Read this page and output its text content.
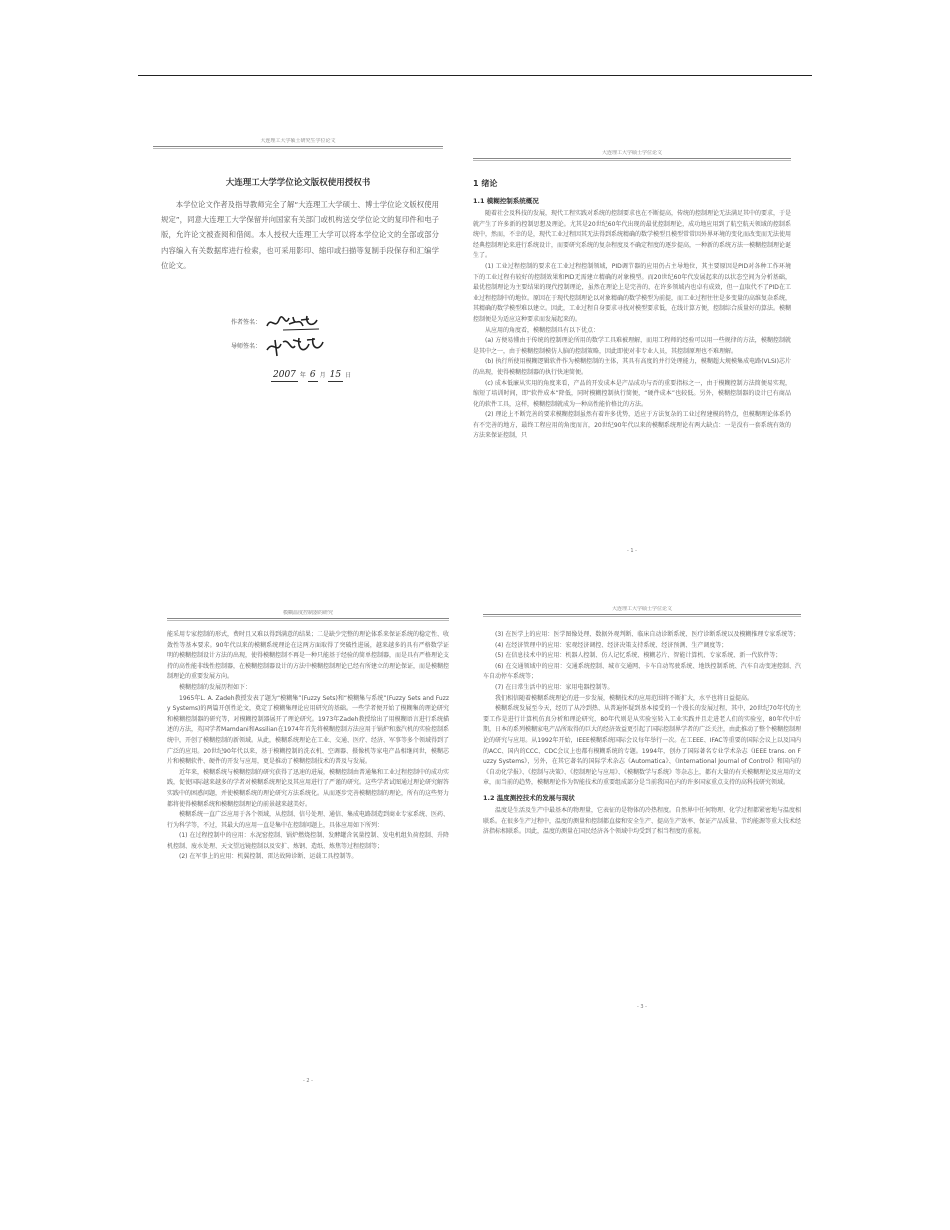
大连理工大学硕士研究生学位论文
大连理工大学学位论文版权使用授权书

本学位论文作者及指导教师完全了解“大连理工大学硕士、博士学位论文版权使用规定”，同意大连理工大学保留并向国家有关部门或机构送交学位论文的复印件和电子版，允许论文被查阅和借阅。本人授权大连理工大学可以将本学位论文的全部或部分内容编入有关数据库进行检索，也可采用影印、缩印或扫描等复制手段保存和汇编学位论文。

作者签名：
导师签名：
2007 年 6 月 15 日
大连理工大学硕士学位论文
1 绪论
1.1 模糊控制系统概况

随着社会及科技的发展，现代工程实践对系统的控制要求也在不断提高，传统的控制理论无法满足其中的要求，于是就产生了许多新的控制思想及理论。尤其是20世纪60年代出现的最优控制理论，成功地应用到了航空航天领域的控制系统中，然而，不幸的是，现代工业过程因其无法得到系统精确的数学模型且模型常常因外界环境的变化而改变而无法使用经典控制理论来进行系统设计，而要研究系统的复杂程度及不确定程度的逐步提高，一种新的系统方法一模糊控制理论诞生了。

(1) 工业过程控制的要求在工业过程控制领域，PID调节器的应用仍占主导地位，其主要原因是PID对各种工作环境下的工业过程有较好的控制效果和PID无需建立精确的对象模型。而20世纪60年代发展起来的以状态空间为分析基础，最优控制理论为主要结果的现代控制理论，虽然在理论上是完善的，在许多领域内也卓有成效，但一直取代不了PID在工业过程控制中的地位。原因在于现代控制理论以对象精确的数学模型为前提，而工业过程往往是多变量的高维复杂系统，其精确的数学模型难以建立。因此，工业过程自身要求寻找对模型要求低，在线计算方便，控制综合质量好的算法。模糊控制便是为适应这种要求而发展起来的。

从应用的角度看，模糊控制具有以下优点：

(a) 方便易懂由于传统的控制理论所用的数学工具难被理解，而用工程师的经验可以用一些规律的方法，模糊控制就是其中之一，由于模糊控制模仿人脑的控制策略，因此即使对非专业人员，其控制原理也不难理解。

(b) 执行所使用模糊逻辑软件作为模糊控制的主体，其具有高度的并行处理能力，模糊超大规模集成电路(VLSI)芯片的出现，使得模糊控制器的执行快速简便。

(c) 成本低廉从实用的角度来看，产品的开发成本是产品成功与否的重要指标之一，由于模糊控制方法简便易实现，缩短了培训时间，即“软件成本”降低，同时模糊控制执行简便，“硬件成本”也较低。另外，模糊控制器的设计已有商品化的软件工具，这样，模糊控制就成为一种高性能价格比的方法。

(2) 理论上不断完善的要求模糊控制虽然有着许多优势，适应于方法复杂的工业过程建模的特点，但模糊理论体系仍有不完善的地方，最终工程应用的角度而言，20世纪90年代以来的模糊系统理论有两大缺点：一是没有一套系统有效的方法来保证控制，只

- 1 -
模糊温度控制器的研究

能采用专家控制的形式，费时且又难以得到满意的结果；二是缺少完整的理论体系来保证系统的稳定性、收敛性等基本要求。90年代以来的模糊系统理论在这两方面取得了突破性进展，越来越多的具有严格数学证明的模糊控制设计方法的出现，使得模糊控制不再是一种只能基于经验的简单控制器，而是具有严格理论支持的高性能非线性控制器，在模糊控制器设计的方法中模糊控制理论已经有所建立的理论保证，而是模糊控制理论的重要发展方向。

模糊控制的发展历程如下：

1965年L. A. Zadeh教授发表了题为“模糊集”(Fuzzy Sets)和“模糊集与系统”(Fuzzy Sets and Fuzzy Systems)的两篇开创性论文，奠定了模糊集理论应用研究的基础。一些学者便开始了模糊集的理论研究和模糊控制器的研究等，对模糊控制器展开了理论研究。1973年Zadeh教授给出了用模糊语言进行系统描述的方法，英国学者Mamdani和Assilian在1974年首先将模糊控制方法应用于锅炉和蒸汽机的实验控制系统中，开创了模糊控制的新领域。从此，模糊系统理论在工业、交通、医疗、经济、军事等多个领域得到了广泛的应用。20世纪90年代以来，基于模糊控制的洗衣机、空调器、摄像机等家电产品相继问世，模糊芯片和模糊软件、硬件的开发与应用，更是推动了模糊控制技术的普及与发展。

近年来，模糊系统与模糊控制的研究获得了迅速的进展，模糊控制由普通集和工业过程控制中的成功实践，促使国际越来越多的学者对模糊系统理论及其应用进行了严谨的研究。这些学者试图通过理论研究解答实践中的困惑问题，并使模糊系统的理论研究方法系统化。从而逐步完善模糊控制的理论，所有的这些努力都将使得模糊系统和模糊控制理论的前景越来越美好。

模糊系统一直广泛应用于各个领域，从控制、信号处理、通信、集成电路制造到商业专家系统、医药、行为科学等，不过，其最大的应用一直是集中在控制问题上，具体应用如下所列：

(1) 在过程控制中的应用：水泥窑控制、锅炉燃烧控制、发酵罐含氧量控制、发电机组负荷控制、升降机控制、废水处理、天文望远镜控制以及安扩、炼钢、造纸、炼焦等过程控制等；

(2) 在军事上的应用：机翼控制、雷达故障诊断、运载工具控制等。

- 2 -
大连理工大学硕士学位论文

(3) 在医学上的应用：医学图像处理、数据外观判断、临床自动诊断系统、医疗诊断系统以及模糊推理专家系统等；

(4) 在经济管理中的应用：宏观经济调控、经济决策支持系统、经济预测、生产调度等；

(5) 在信息技术中的应用：机器人控制、仿人记忆系统、模糊芯片、智能计算机、专家系统、新一代软件等；

(6) 在交通领域中的应用：交通系统控制、城市交通网、卡车自动驾驶系统、地铁控制系统、汽车自动变速控制、汽车自动停车系统等；

(7) 在日常生活中的应用：家用电器控制等。

我们相信随着模糊系统理论的进一步发展，模糊技术的应用范围将不断扩大，水平也将日益提高。

模糊系统发展至今天，经历了从冷到热、从普遍怀疑到基本接受的一个漫长的发展过程，其中，20世纪70年代的主要工作是进行计算机仿真分析和理论研究，80年代则是从实验室转入工业实践并且走进老人们的实验室，80年代中后期，日本的系列模糊家电产品所取得的巨大的经济效益更引起了国际控制界学者的广泛关注，由此推动了整个模糊控制理论的研究与应用。从1992年开始，IEEE模糊系统国际会议每年举行一次。在工EEE、IFAC等重要的国际会议上以及国内的ACC、国内的CCC、CDC会议上也都有模糊系统的专题。1994年，创办了国际著名专业学术杂志《IEEE trans. on Fuzzy Systems》，另外，在其它著名的国际学术杂志《Automatica》、《International Journal of Control》和国内的《自动化学报》、《控制与决策》、《控制理论与应用》、《模糊数学与系统》等杂志上，都有大量的有关模糊理论及应用的文章，而当前的趋势，模糊理论作为智能技术的重要组成部分是当前我国在内的许多国家重点支持的高科技研究领域。

1.2 温度测控技术的发展与现状

温度是生活及生产中最基本的物理量，它表征的是物体的冷热程度。自然界中任何物理、化学过程都紧密地与温度相联系。在很多生产过程中，温度的测量和控制都直接和安全生产、提高生产效率、保证产品质量、节约能源等重大技术经济指标相联系。因此，温度的测量在国民经济各个领域中均受到了相当程度的重视。

- 3 -
